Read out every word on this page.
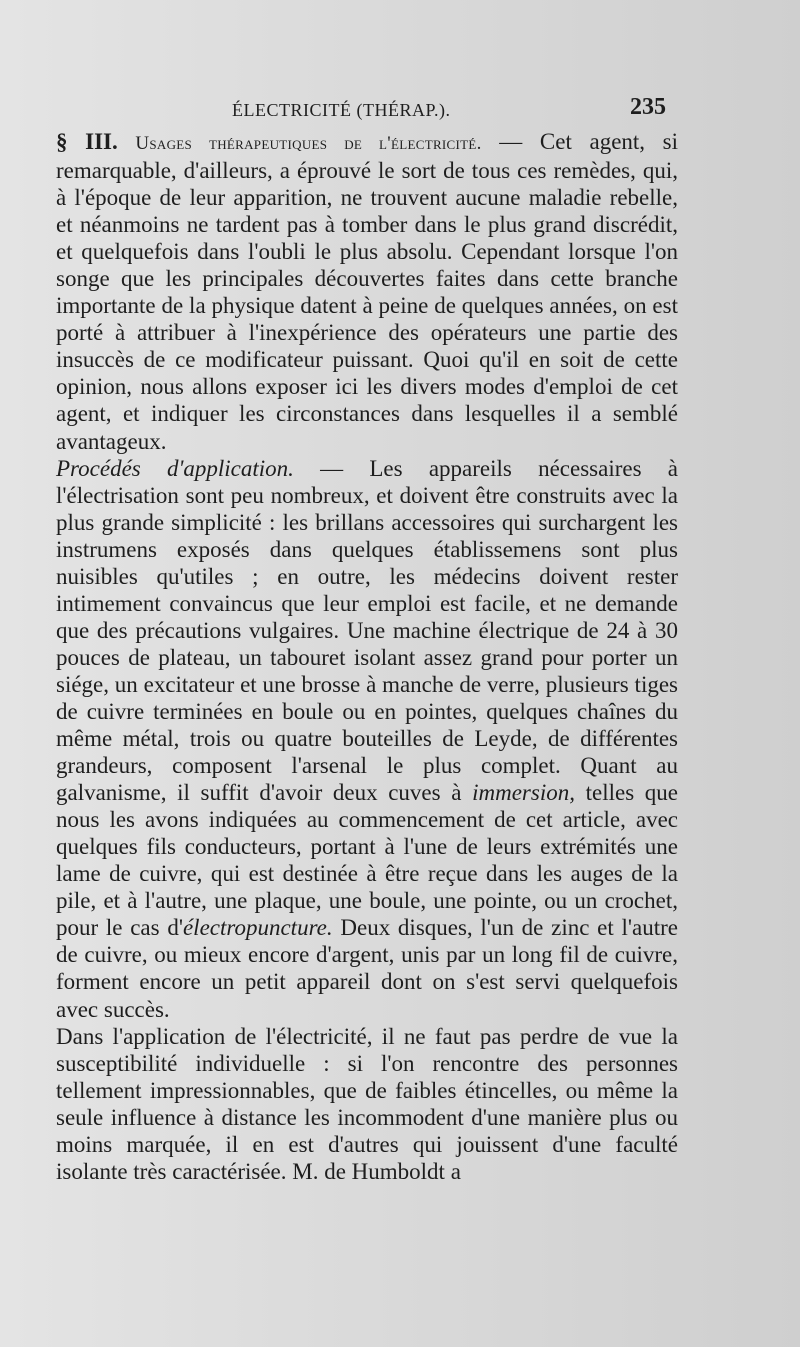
ÉLECTRICITÉ (THÉRAP.).	235

§ III. Usages thérapeutiques de l'électricité. — Cet agent, si remarquable, d'ailleurs, a éprouvé le sort de tous ces remèdes, qui, à l'époque de leur apparition, ne trouvent aucune maladie rebelle, et néanmoins ne tardent pas à tomber dans le plus grand discrédit, et quelquefois dans l'oubli le plus absolu. Cependant lorsque l'on songe que les principales découvertes faites dans cette branche importante de la physique datent à peine de quelques années, on est porté à attribuer à l'inexpérience des opérateurs une partie des insuccès de ce modificateur puissant. Quoi qu'il en soit de cette opinion, nous allons exposer ici les divers modes d'emploi de cet agent, et indiquer les circonstances dans lesquelles il a semblé avantageux.

Procédés d'application. — Les appareils nécessaires à l'électrisation sont peu nombreux, et doivent être construits avec la plus grande simplicité : les brillans accessoires qui surchargent les instrumens exposés dans quelques établissemens sont plus nuisibles qu'utiles ; en outre, les médecins doivent rester intimement convaincus que leur emploi est facile, et ne demande que des précautions vulgaires. Une machine électrique de 24 à 30 pouces de plateau, un tabouret isolant assez grand pour porter un siége, un excitateur et une brosse à manche de verre, plusieurs tiges de cuivre terminées en boule ou en pointes, quelques chaînes du même métal, trois ou quatre bouteilles de Leyde, de différentes grandeurs, composent l'arsenal le plus complet. Quant au galvanisme, il suffit d'avoir deux cuves à immersion, telles que nous les avons indiquées au commencement de cet article, avec quelques fils conducteurs, portant à l'une de leurs extrémités une lame de cuivre, qui est destinée à être reçue dans les auges de la pile, et à l'autre, une plaque, une boule, une pointe, ou un crochet, pour le cas d'électropuncture. Deux disques, l'un de zinc et l'autre de cuivre, ou mieux encore d'argent, unis par un long fil de cuivre, forment encore un petit appareil dont on s'est servi quelquefois avec succès.

Dans l'application de l'électricité, il ne faut pas perdre de vue la susceptibilité individuelle : si l'on rencontre des personnes tellement impressionnables, que de faibles étincelles, ou même la seule influence à distance les incommodent d'une manière plus ou moins marquée, il en est d'autres qui jouissent d'une faculté isolante très caractérisée. M. de Humboldt a
